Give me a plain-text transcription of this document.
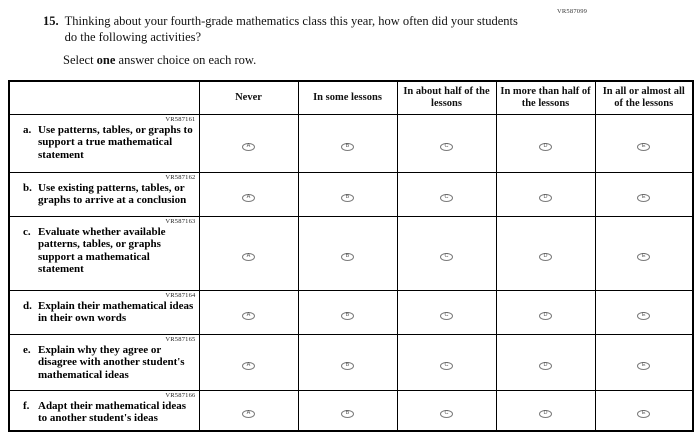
VR587099
15. Thinking about your fourth-grade mathematics class this year, how often did your students do the following activities?
Select one answer choice on each row.
	Never	In some lessons	In about half of the lessons	In more than half of the lessons	In all or almost all of the lessons

VR587161
a. Use patterns, tables, or graphs to support a true mathematical statement	A	B	C	D	E

VR587162
b. Use existing patterns, tables, or graphs to arrive at a conclusion	A	B	C	D	E

VR587163
c. Evaluate whether available patterns, tables, or graphs support a mathematical statement	A	B	C	D	E

VR587164
d. Explain their mathematical ideas in their own words	A	B	C	D	E

VR587165
e. Explain why they agree or disagree with another student's mathematical ideas	A	B	C	D	E

VR587166
f. Adapt their mathematical ideas to another student's ideas	A	B	C	D	E
